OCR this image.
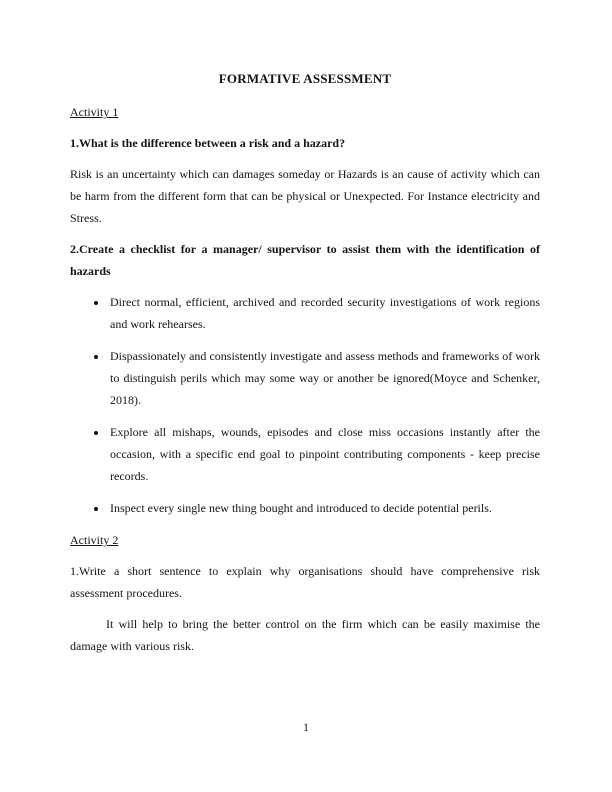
FORMATIVE ASSESSMENT
Activity 1

1.What is the difference between a risk and a hazard?

Risk is an uncertainty which can damages someday or Hazards is an cause of activity which can be harm from the different form that can be physical or Unexpected. For Instance electricity and Stress.

2.Create a checklist for a manager/ supervisor to assist them with the identification of hazards

• Direct normal, efficient, archived and recorded security investigations of work regions and work rehearses.
• Dispassionately and consistently investigate and assess methods and frameworks of work to distinguish perils which may some way or another be ignored(Moyce and Schenker, 2018).
• Explore all mishaps, wounds, episodes and close miss occasions instantly after the occasion, with a specific end goal to pinpoint contributing components - keep precise records.
• Inspect every single new thing bought and introduced to decide potential perils.
Activity 2

1.Write a short sentence to explain why organisations should have comprehensive risk assessment procedures.

It will help to bring the better control on the firm which can be easily maximise the damage with various risk.

1
